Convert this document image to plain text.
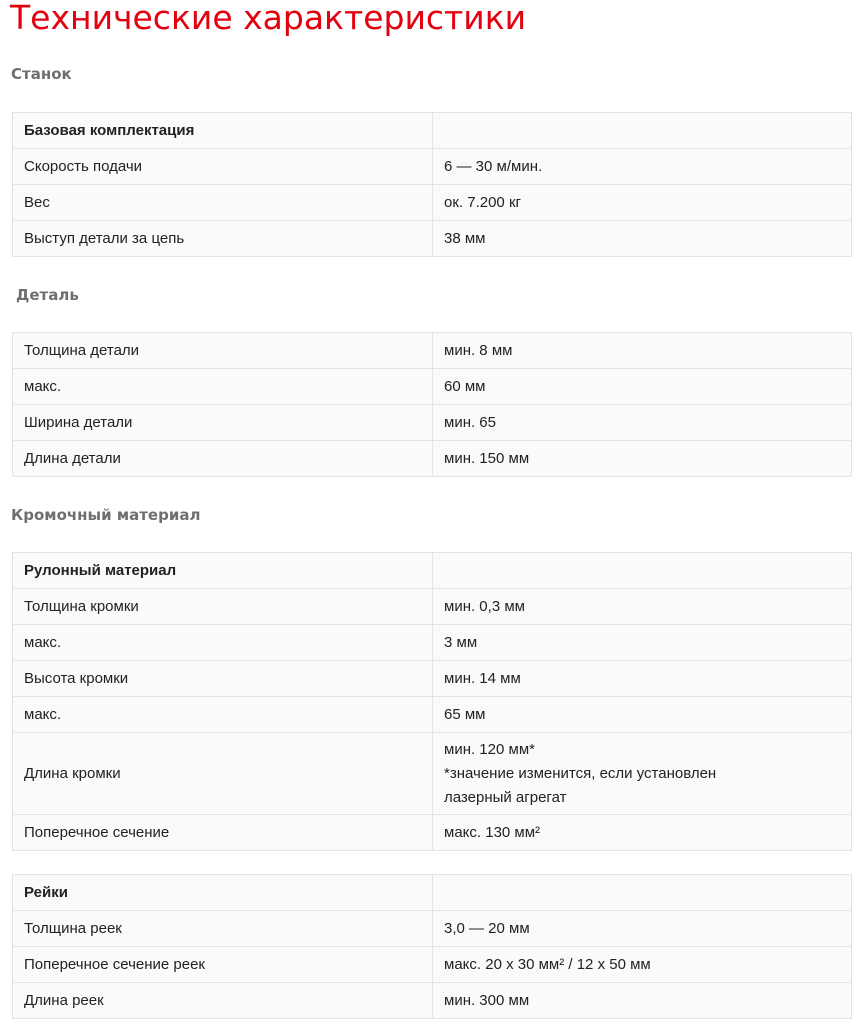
Технические характеристики
Станок
Базовая комплектация	
Скорость подачи	6 — 30 м/мин.
Вес	ок. 7.200 кг
Выступ детали за цепь	38 мм
Деталь
Толщина детали	мин. 8 мм
макс.	60 мм
Ширина детали	мин. 65
Длина детали	мин. 150 мм
Кромочный материал
Рулонный материал	
Толщина кромки	мин. 0,3 мм
макс.	3 мм
Высота кромки	мин. 14 мм
макс.	65 мм
Длина кромки	мин. 120 мм*
*значение изменится, если установлен
лазерный агрегат

Поперечное сечение	макс. 130 мм²
Рейки	
Толщина реек	3,0 — 20 мм
Поперечное сечение реек	макс. 20 x 30 мм² / 12 x 50 мм
Длина реек	мин. 300 мм
